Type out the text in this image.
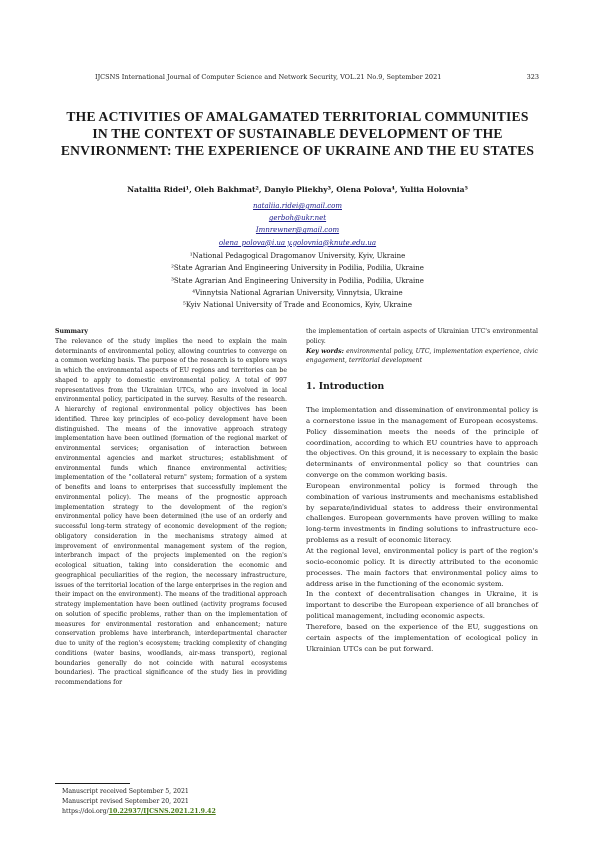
IJCSNS International Journal of Computer Science and Network Security, VOL.21 No.9, September 2021	323
THE ACTIVITIES OF AMALGAMATED TERRITORIAL COMMUNITIES IN THE CONTEXT OF SUSTAINABLE DEVELOPMENT OF THE ENVIRONMENT: THE EXPERIENCE OF UKRAINE AND THE EU STATES
Nataliia Ridei¹, Oleh Bakhmat², Danylo Pliekhy³, Olena Polova⁴, Yuliia Holovnia⁵
nataliia.ridei@gmail.com
gerboh@ukr.net
Imnrewner@gmail.com
olena_polova@i.ua y.golovnia@knute.edu.ua
¹National Pedagogical Dragomanov University, Kyiv, Ukraine
²State Agrarian And Engineering University in Podilia, Podilia, Ukraine
³State Agrarian And Engineering University in Podilia, Podilia, Ukraine
⁴Vinnytsia National Agrarian University, Vinnytsia, Ukraine
⁵Kyiv National University of Trade and Economics, Kyiv, Ukraine
Summary

The relevance of the study implies the need to explain the main determinants of environmental policy, allowing countries to converge on a common working basis. The purpose of the research is to explore ways in which the environmental aspects of EU regions and territories can be shaped to apply to domestic environmental policy. A total of 997 representatives from the Ukrainian UTCs, who are involved in local environmental policy, participated in the survey. Results of the research. A hierarchy of regional environmental policy objectives has been identified. Three key principles of eco-policy development have been distinguished. The means of the innovative approach strategy implementation have been outlined (formation of the regional market of environmental services; organisation of interaction between environmental agencies and market structures; establishment of environmental funds which finance environmental activities; implementation of the "collateral return" system; formation of a system of benefits and loans to enterprises that successfully implement the environmental policy). The means of the prognostic approach implementation strategy to the development of the region's environmental policy have been determined (the use of an orderly and successful long-term strategy of economic development of the region; obligatory consideration in the mechanisms strategy aimed at improvement of environmental management system of the region, interbranch impact of the projects implemented on the region's ecological situation, taking into consideration the economic and geographical peculiarities of the region, the necessary infrastructure, issues of the territorial location of the large enterprises in the region and their impact on the environment). The means of the traditional approach strategy implementation have been outlined (activity programs focused on solution of specific problems, rather than on the implementation of measures for environmental restoration and enhancement; nature conservation problems have interbranch, interdepartmental character due to unity of the region's ecosystem; tracking complexity of changing conditions (water basins, woodlands, air-mass transport), regional boundaries generally do not coincide with natural ecosystems boundaries). The practical significance of the study lies in providing recommendations for

the implementation of certain aspects of Ukrainian UTC's environmental policy.

Key words: environmental policy, UTC, implementation experience, civic engagement, territorial development

1. Introduction

The implementation and dissemination of environmental policy is a cornerstone issue in the management of European ecosystems. Policy dissemination meets the needs of the principle of coordination, according to which EU countries have to approach the objectives. On this ground, it is necessary to explain the basic determinants of environmental policy so that countries can converge on the common working basis.

European environmental policy is formed through the combination of various instruments and mechanisms established by separate/individual states to address their environmental challenges. European governments have proven willing to make long-term investments in finding solutions to infrastructure eco-problems as a result of economic literacy.

At the regional level, environmental policy is part of the region's socio-economic policy. It is directly attributed to the economic processes. The main factors that environmental policy aims to address arise in the functioning of the economic system.

In the context of decentralisation changes in Ukraine, it is important to describe the European experience of all branches of political management, including economic aspects.

Therefore, based on the experience of the EU, suggestions on certain aspects of the implementation of ecological policy in Ukrainian UTCs can be put forward.

Manuscript received September 5, 2021
Manuscript revised September 20, 2021
https://doi.org/10.22937/IJCSNS.2021.21.9.42
